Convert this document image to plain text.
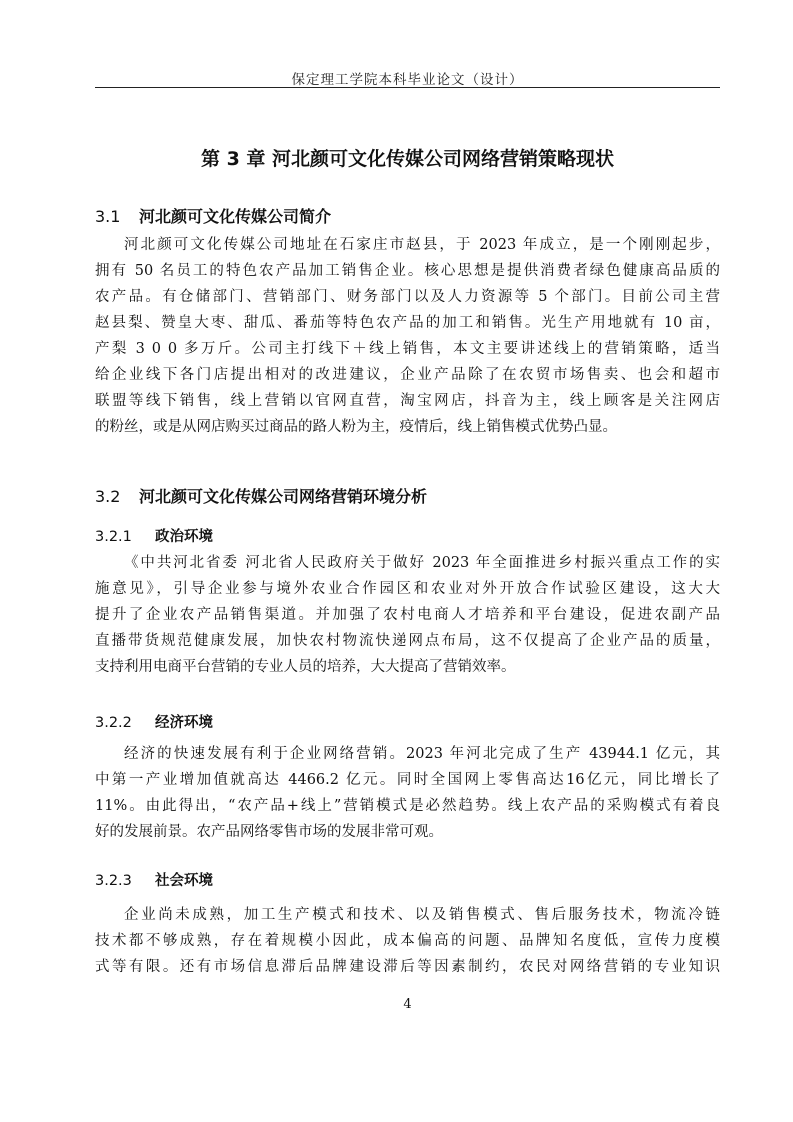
保定理工学院本科毕业论文（设计）
第 3 章 河北颜可文化传媒公司网络营销策略现状
3.1 河北颜可文化传媒公司简介
河北颜可文化传媒公司地址在石家庄市赵县，于 2023 年成立，是一个刚刚起步，
拥有 50 名员工的特色农产品加工销售企业。核心思想是提供消费者绿色健康高品质的
农产品。有仓储部门、营销部门、财务部门以及人力资源等 5 个部门。目前公司主营
赵县梨、赞皇大枣、甜瓜、番茄等特色农产品的加工和销售。光生产用地就有 10 亩，
产梨 3 0 0 多万斤。公司主打线下＋线上销售，本文主要讲述线上的营销策略，适当
给企业线下各门店提出相对的改进建议，企业产品除了在农贸市场售卖、也会和超市
联盟等线下销售，线上营销以官网直营，淘宝网店，抖音为主，线上顾客是关注网店
的粉丝，或是从网店购买过商品的路人粉为主，疫情后，线上销售模式优势凸显。
3.2 河北颜可文化传媒公司网络营销环境分析
3.2.1 政治环境
《中共河北省委 河北省人民政府关于做好 2023 年全面推进乡村振兴重点工作的实
施意见》，引导企业参与境外农业合作园区和农业对外开放合作试验区建设，这大大
提升了企业农产品销售渠道。并加强了农村电商人才培养和平台建设，促进农副产品
直播带货规范健康发展，加快农村物流快递网点布局，这不仅提高了企业产品的质量，
支持利用电商平台营销的专业人员的培养，大大提高了营销效率。
3.2.2 经济环境
经济的快速发展有利于企业网络营销。2023 年河北完成了生产 43944.1 亿元，其
中第一产业增加值就高达 4466.2 亿元。同时全国网上零售高达16亿元，同比增长了
11%。由此得出，“农产品+线上”营销模式是必然趋势。线上农产品的采购模式有着良
好的发展前景。农产品网络零售市场的发展非常可观。
3.2.3 社会环境
企业尚未成熟，加工生产模式和技术、以及销售模式、售后服务技术，物流冷链
技术都不够成熟，存在着规模小因此，成本偏高的问题、品牌知名度低，宣传力度模
式等有限。还有市场信息滞后品牌建设滞后等因素制约，农民对网络营销的专业知识
4
